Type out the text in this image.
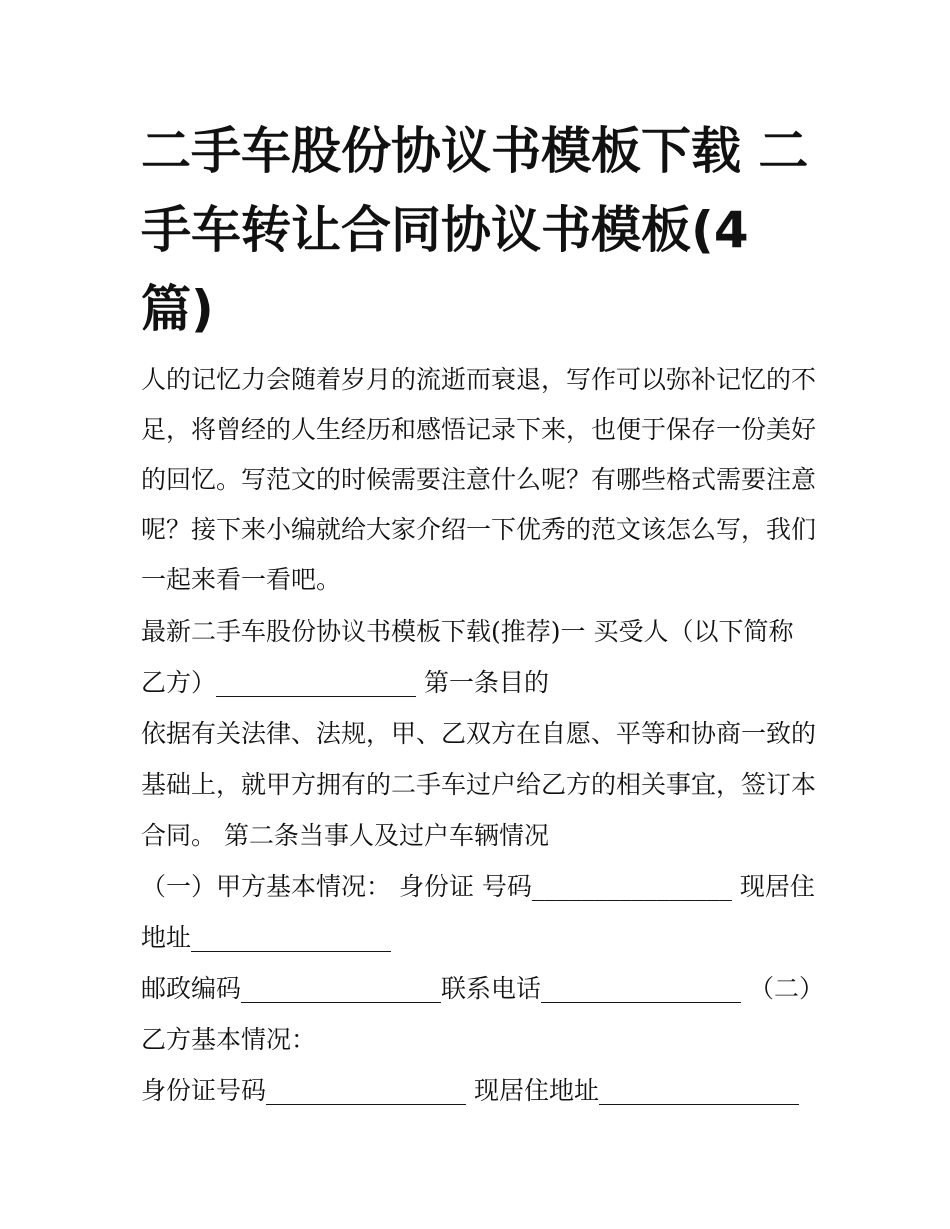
二手车股份协议书模板下载 二手车转让合同协议书模板(4篇)

人的记忆力会随着岁月的流逝而衰退，写作可以弥补记忆的不

足，将曾经的人生经历和感悟记录下来，也便于保存一份美好

的回忆。写范文的时候需要注意什么呢？有哪些格式需要注意

呢？接下来小编就给大家介绍一下优秀的范文该怎么写，我们

一起来看一看吧。

最新二手车股份协议书模板下载(推荐)一 买受人（以下简称

乙方）________________ 第一条目的

依据有关法律、法规，甲、乙双方在自愿、平等和协商一致的

基础上，就甲方拥有的二手车过户给乙方的相关事宜，签订本

合同。 第二条当事人及过户车辆情况

（一）甲方基本情况： 身份证 号码________________ 现居住

地址________________

邮政编码________________联系电话________________ （二）

乙方基本情况：

身份证号码________________ 现居住地址________________
